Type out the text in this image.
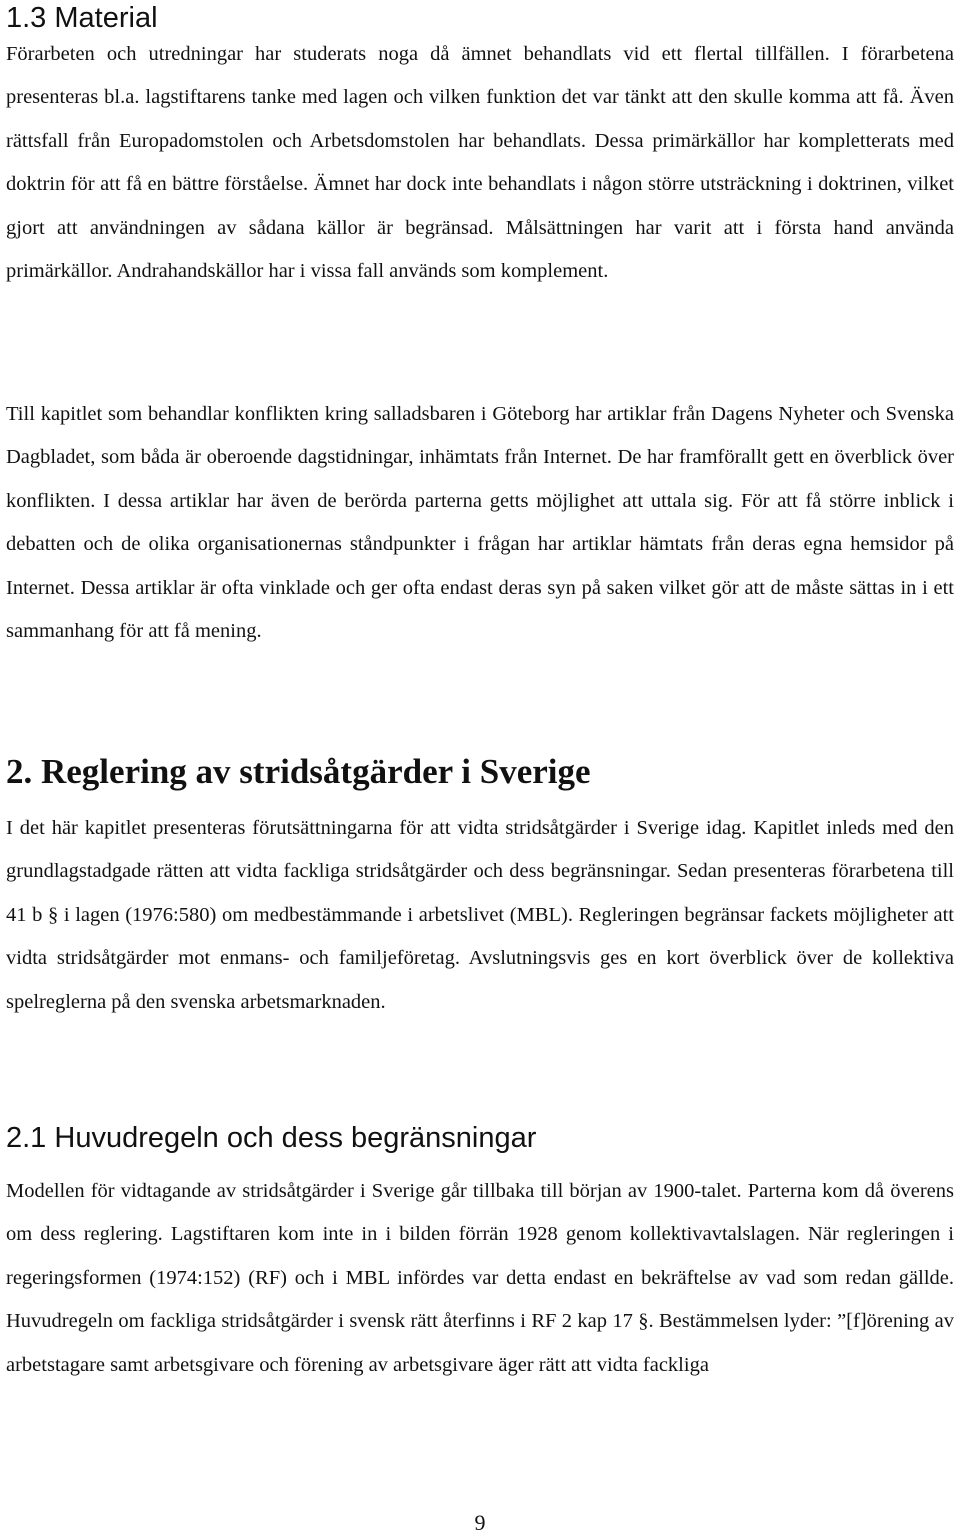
1.3 Material

Förarbeten och utredningar har studerats noga då ämnet behandlats vid ett flertal tillfällen. I förarbetena presenteras bl.a. lagstiftarens tanke med lagen och vilken funktion det var tänkt att den skulle komma att få. Även rättsfall från Europadomstolen och Arbetsdomstolen har behandlats. Dessa primärkällor har kompletterats med doktrin för att få en bättre förståelse. Ämnet har dock inte behandlats i någon större utsträckning i doktrinen, vilket gjort att användningen av sådana källor är begränsad. Målsättningen har varit att i första hand använda primärkällor. Andrahandskällor har i vissa fall används som komplement.

Till kapitlet som behandlar konflikten kring salladsbaren i Göteborg har artiklar från Dagens Nyheter och Svenska Dagbladet, som båda är oberoende dagstidningar, inhämtats från Internet. De har framförallt gett en överblick över konflikten. I dessa artiklar har även de berörda parterna getts möjlighet att uttala sig. För att få större inblick i debatten och de olika organisationernas ståndpunkter i frågan har artiklar hämtats från deras egna hemsidor på Internet. Dessa artiklar är ofta vinklade och ger ofta endast deras syn på saken vilket gör att de måste sättas in i ett sammanhang för att få mening.

2. Reglering av stridsåtgärder i Sverige

I det här kapitlet presenteras förutsättningarna för att vidta stridsåtgärder i Sverige idag. Kapitlet inleds med den grundlagstadgade rätten att vidta fackliga stridsåtgärder och dess begränsningar. Sedan presenteras förarbetena till 41 b § i lagen (1976:580) om medbestämmande i arbetslivet (MBL). Regleringen begränsar fackets möjligheter att vidta stridsåtgärder mot enmans- och familjeföretag. Avslutningsvis ges en kort överblick över de kollektiva spelreglerna på den svenska arbetsmarknaden.

2.1 Huvudregeln och dess begränsningar

Modellen för vidtagande av stridsåtgärder i Sverige går tillbaka till början av 1900-talet. Parterna kom då överens om dess reglering. Lagstiftaren kom inte in i bilden förrän 1928 genom kollektivavtalslagen. När regleringen i regeringsformen (1974:152) (RF) och i MBL infördes var detta endast en bekräftelse av vad som redan gällde. Huvudregeln om fackliga stridsåtgärder i svensk rätt återfinns i RF 2 kap 17 §. Bestämmelsen lyder: ”[f]örening av arbetstagare samt arbetsgivare och förening av arbetsgivare äger rätt att vidta fackliga

9
